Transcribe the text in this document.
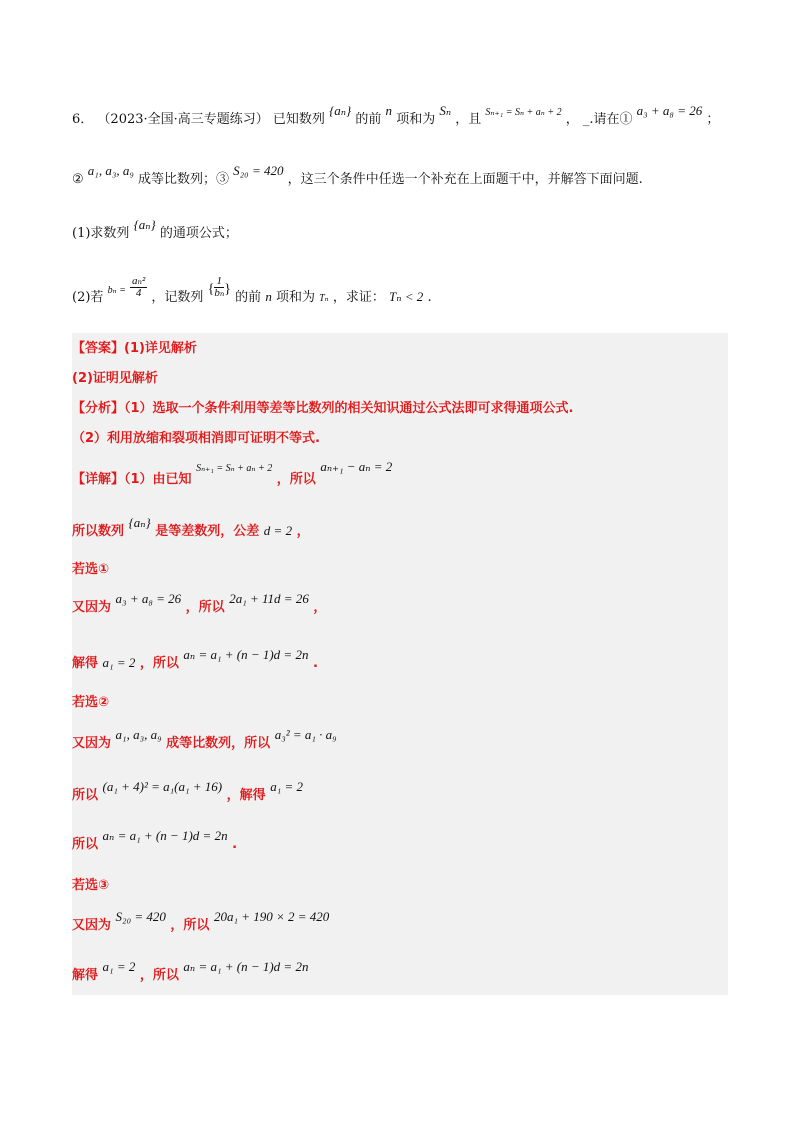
6． （2023·全国·高三专题练习） 已知数列 {aₙ} 的前 n 项和为 Sₙ ，且 $^{S_{n+1} = S_n + a_n + 2}$ ， _.请在① a₃ + a₈ = 26 ；
② a₁, a₃, a₉ 成等比数列；③ S₂₀ = 420 ，这三个条件中任选一个补充在上面题干中，并解答下面问题.
(1)求数列 {aₙ} 的通项公式；
(2)若 $^{b_n =} \frac{\text{aₙ²}}{4}$ ，记数列 { $\frac{1}{\text{bₙ}}$ } 的前 n 项和为 Tₙ ，求证： Tₙ < 2 .
【答案】(1)详见解析
(2)证明见解析
【分析】（1）选取一个条件利用等差等比数列的相关知识通过公式法即可求得通项公式.
（2）利用放缩和裂项相消即可证明不等式.
【详解】（1）由已知 $^{S_{n+1} = S_n + a_n + 2}$ ，所以 aₙ₊₁ − aₙ = 2
所以数列 {aₙ} 是等差数列，公差 d = 2 ，
若选①
又因为 a₃ + a₈ = 26 ，所以 2a₁ + 11d = 26 ，
解得 a₁ = 2 ，所以 aₙ = a₁ + (n − 1)d = 2n .
若选②
又因为 a₁, a₃, a₉ 成等比数列，所以 a₃² = a₁ · a₉
所以 (a₁ + 4)² = a₁(a₁ + 16) ，解得 a₁ = 2
所以 aₙ = a₁ + (n − 1)d = 2n .
若选③
又因为 S₂₀ = 420 ，所以 20a₁ + 190 × 2 = 420
解得 a₁ = 2 ，所以 aₙ = a₁ + (n − 1)d = 2n
